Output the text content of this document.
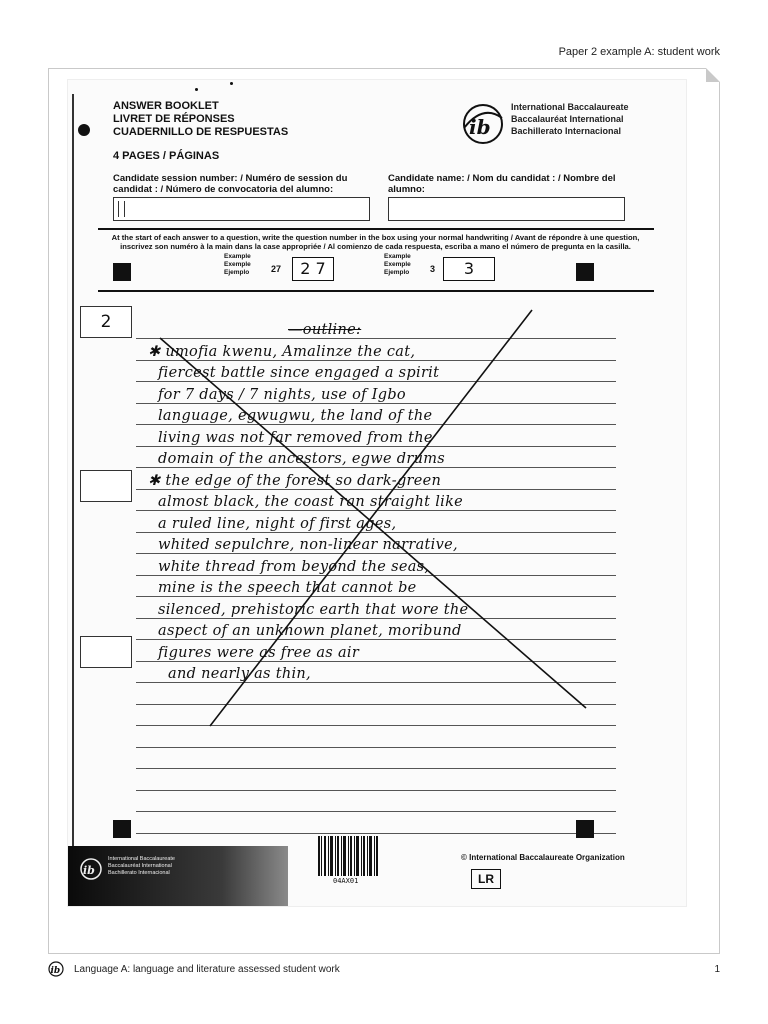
Paper 2 example A: student work
ANSWER BOOKLET
LIVRET DE RÉPONSES
CUADERNILLO DE RESPUESTAS
4 PAGES / PÁGINAS
ib
International Baccalaureate
Baccalauréat International
Bachillerato Internacional
Candidate session number: / Numéro de session du candidat : / Número de convocatoria del alumno:
Candidate name: / Nom du candidat : / Nombre del alumno:
At the start of each answer to a question, write the question number in the box using your normal handwriting / Avant de répondre à une question, inscrivez son numéro à la main dans la case appropriée / Al comienzo de cada respuesta, escriba a mano el número de pregunta en la casilla.
Example
Exemple
Ejemplo 27	2 7
Example
Exemple
Ejemplo 3	3
2	—outline:
✱ umofia kwenu, Amalinze the cat,
fiercest battle since engaged a spirit
for 7 days / 7 nights, use of Igbo
language, egwugwu, the land of the
living was not far removed from the
domain of the ancestors, egwe drums
✱ the edge of the forest so dark-green
almost black, the coast ran straight like
a ruled line, night of first ages,
whited sepulchre, non-linear narrative,
white thread from beyond the seas,
mine is the speech that cannot be
silenced, prehistoric earth that wore the
aspect of an unknown planet, moribund
figures were as free as air
and nearly as thin,
04AX01
ib
International Baccalaureate
Baccalauréat International
Bachillerato Internacional
© International Baccalaureate Organization
LR
ib Language A: language and literature assessed student work	1
